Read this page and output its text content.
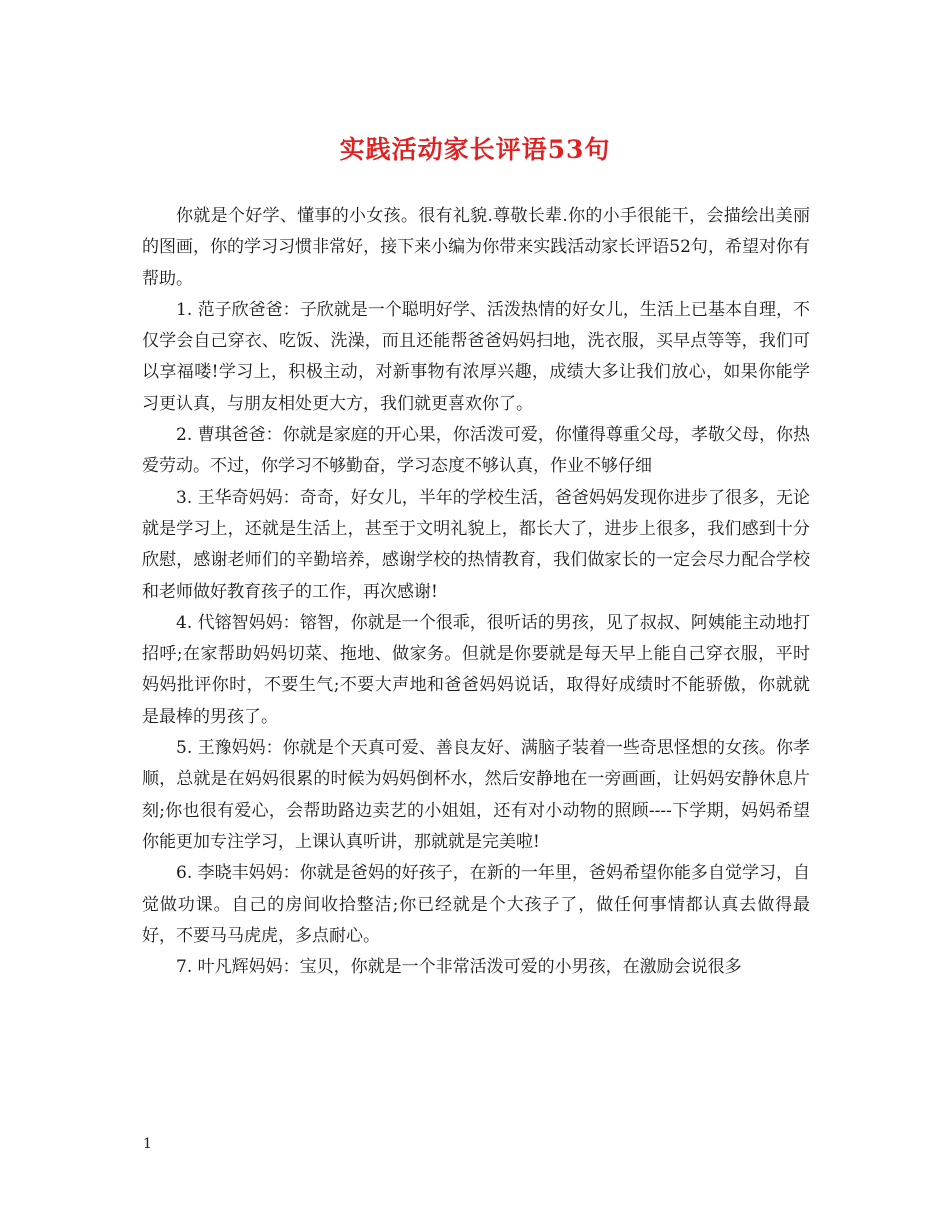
实践活动家长评语53句

你就是个好学、懂事的小女孩。很有礼貌.尊敬长辈.你的小手很能干，会描绘出美丽的图画，你的学习习惯非常好，接下来小编为你带来实践活动家长评语52句，希望对你有帮助。

1. 范子欣爸爸：子欣就是一个聪明好学、活泼热情的好女儿，生活上已基本自理，不仅学会自己穿衣、吃饭、洗澡，而且还能帮爸爸妈妈扫地，洗衣服，买早点等等，我们可以享福喽!学习上，积极主动，对新事物有浓厚兴趣，成绩大多让我们放心，如果你能学习更认真，与朋友相处更大方，我们就更喜欢你了。

2. 曹琪爸爸：你就是家庭的开心果，你活泼可爱，你懂得尊重父母，孝敬父母，你热爱劳动。不过，你学习不够勤奋，学习态度不够认真，作业不够仔细

3. 王华奇妈妈：奇奇，好女儿，半年的学校生活，爸爸妈妈发现你进步了很多，无论就是学习上，还就是生活上，甚至于文明礼貌上，都长大了，进步上很多，我们感到十分欣慰，感谢老师们的辛勤培养，感谢学校的热情教育，我们做家长的一定会尽力配合学校和老师做好教育孩子的工作，再次感谢!

4. 代镕智妈妈：镕智，你就是一个很乖，很听话的男孩，见了叔叔、阿姨能主动地打招呼;在家帮助妈妈切菜、拖地、做家务。但就是你要就是每天早上能自己穿衣服，平时妈妈批评你时，不要生气;不要大声地和爸爸妈妈说话，取得好成绩时不能骄傲，你就就是最棒的男孩了。

5. 王豫妈妈：你就是个天真可爱、善良友好、满脑子装着一些奇思怪想的女孩。你孝顺，总就是在妈妈很累的时候为妈妈倒杯水，然后安静地在一旁画画，让妈妈安静休息片刻;你也很有爱心，会帮助路边卖艺的小姐姐，还有对小动物的照顾----下学期，妈妈希望你能更加专注学习，上课认真听讲，那就就是完美啦!

6. 李晓丰妈妈：你就是爸妈的好孩子，在新的一年里，爸妈希望你能多自觉学习，自觉做功课。自己的房间收拾整洁;你已经就是个大孩子了，做任何事情都认真去做得最好，不要马马虎虎，多点耐心。

7. 叶凡辉妈妈：宝贝，你就是一个非常活泼可爱的小男孩，在激励会说很多

1
